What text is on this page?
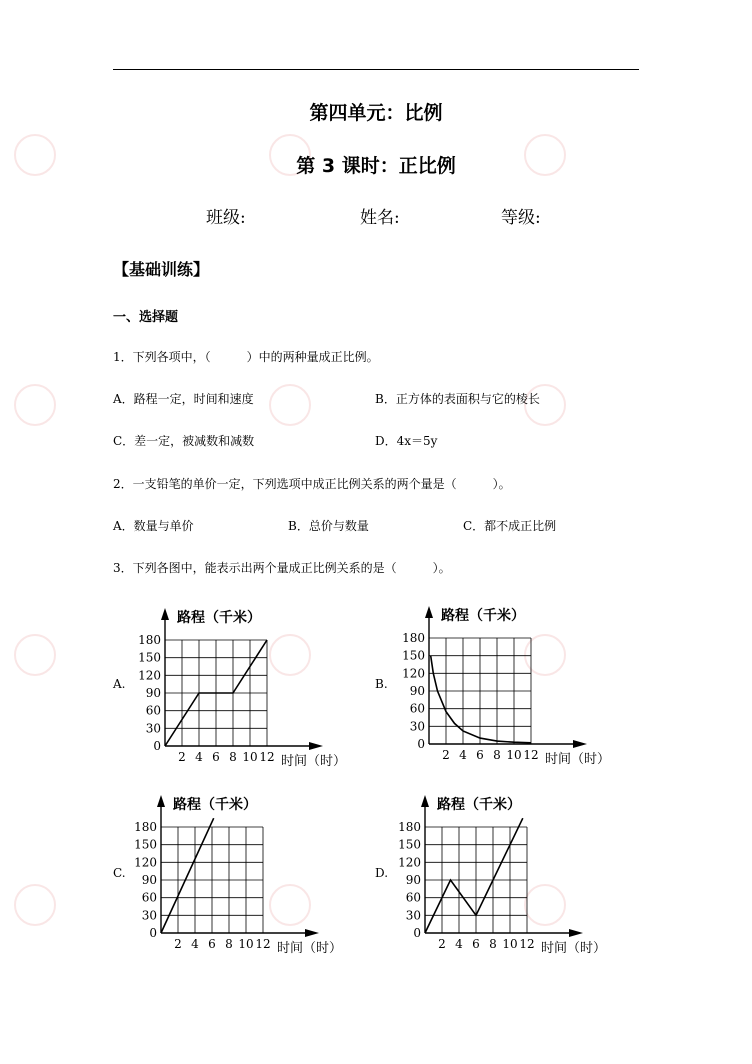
第四单元：比例
第 3 课时：正比例
班级:	姓名:	等级:
【基础训练】
一、选择题
1．下列各项中，（　　　）中的两种量成正比例。
A．路程一定，时间和速度	B．正方体的表面积与它的棱长
C．差一定，被减数和减数	D．4x＝5y
2．一支铅笔的单价一定，下列选项中成正比例关系的两个量是（　　　）。
A．数量与单价	B．总价与数量	C．都不成正比例
3．下列各图中，能表示出两个量成正比例关系的是（　　　）。
A.	B.
C.	D.
0
30
60
90
120
150
180
2 4 6 8 10 12
路程（千米）
时间（时）
0
30
60
90
120
150
180
2 4 6 8 10 12
路程（千米）
时间（时）
0
30
60
90
120
150
180
2 4 6 8 10 12
路程（千米）
时间（时）
0
30
60
90
120
150
180
2 4 6 8 10 12
路程（千米）
时间（时）
